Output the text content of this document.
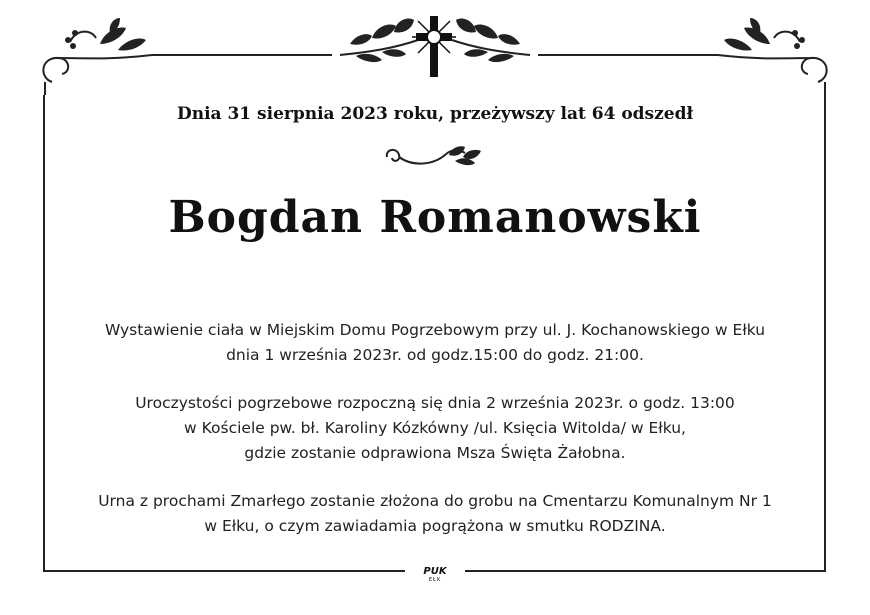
PUK
EŁK
Dnia 31 sierpnia 2023 roku, przeżywszy lat 64 odszedł
Bogdan Romanowski
Wystawienie ciała w Miejskim Domu Pogrzebowym przy ul. J. Kochanowskiego w Ełku
dnia 1 września 2023r. od godz.15:00 do godz. 21:00.
Uroczystości pogrzebowe rozpoczną się dnia 2 września 2023r. o godz. 13:00
w Kościele pw. bł. Karoliny Kózkówny /ul. Księcia Witolda/ w Ełku,
gdzie zostanie odprawiona Msza Święta Żałobna.
Urna z prochami Zmarłego zostanie złożona do grobu na Cmentarzu Komunalnym Nr 1
w Ełku, o czym zawiadamia pogrążona w smutku RODZINA.
